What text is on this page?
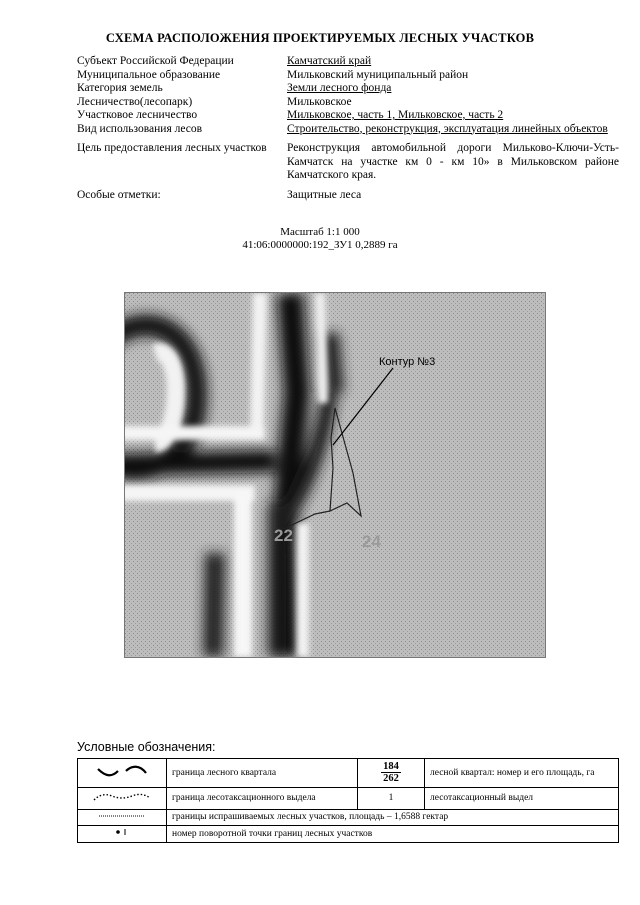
СХЕМА РАСПОЛОЖЕНИЯ ПРОЕКТИРУЕМЫХ ЛЕСНЫХ УЧАСТКОВ
Субъект Российской Федерации	Камчатский край
Муниципальное образование	Мильковский муниципальный район
Категория земель	Земли лесного фонда
Лесничество(лесопарк)	Мильковское
Участковое лесничество	Мильковское, часть 1, Мильковское, часть 2
Вид использования лесов	Строительство, реконструкция, эксплуатация линейных объектов
Цель предоставления лесных участков	Реконструкция автомобильной дороги Мильково-Ключи-Усть-Камчатск на участке км 0 - км 10» в Мильковском районе Камчатского края.
Особые отметки:	Защитные леса
Масштаб 1:1 000
41:06:0000000:192_ЗУ1 0,2889 га
Контур №3
22	24
Условные обозначения:
	граница лесного квартала	$\frac{184}{262}$	лесной квартал: номер и его площадь, га
	граница лесотаксационного выдела	1	лесотаксационный выдел
	границы испрашиваемых лесных участков, площадь – 1,6588 гектар		
	номер поворотной точки границ лесных участков		
